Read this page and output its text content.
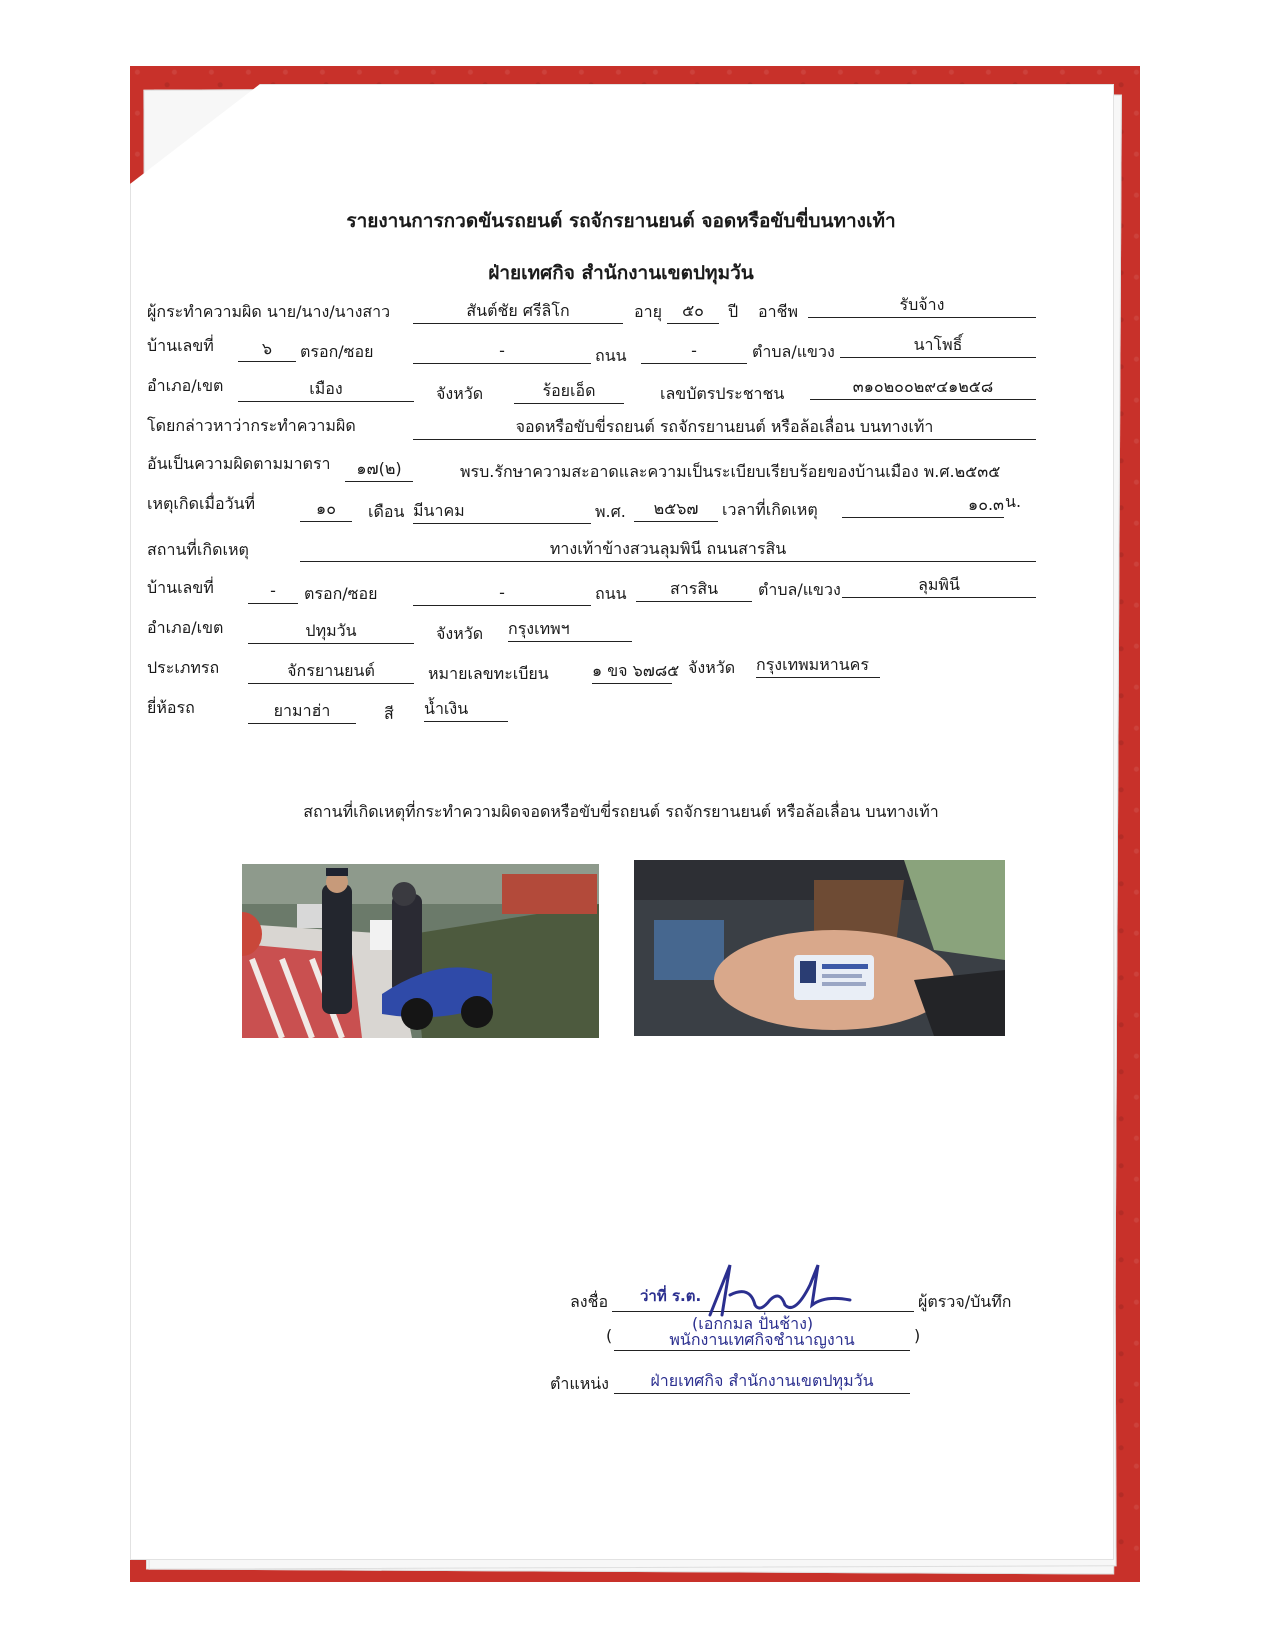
รายงานการกวดขันรถยนต์ รถจักรยานยนต์ จอดหรือขับขี่บนทางเท้า
ฝ่ายเทศกิจ สำนักงานเขตปทุมวัน
ผู้กระทำความผิด นาย/นาง/นางสาว	สันต์ชัย ศรีลิโก	อายุ	๕๐	ปี อาชีพ	รับจ้าง
บ้านเลขที่	๖	ตรอก/ซอย	-	ถนน	-	ตำบล/แขวง	นาโพธิ์
อำเภอ/เขต	เมือง	จังหวัด	ร้อยเอ็ด	เลขบัตรประชาชน	๓๑๐๒๐๐๒๙๔๑๒๕๘
โดยกล่าวหาว่ากระทำความผิด	จอดหรือขับขี่รถยนต์ รถจักรยานยนต์ หรือล้อเลื่อน บนทางเท้า
อันเป็นความผิดตามมาตรา	๑๗(๒)	พรบ.รักษาความสะอาดและความเป็นระเบียบเรียบร้อยของบ้านเมือง พ.ศ.๒๕๓๕
เหตุเกิดเมื่อวันที่	๑๐	เดือน มีนาคม	พ.ศ.	๒๕๖๗	เวลาที่เกิดเหตุ	๑๐.๓ น.
สถานที่เกิดเหตุ	ทางเท้าข้างสวนลุมพินี ถนนสารสิน
บ้านเลขที่	-	ตรอก/ซอย	-	ถนน	สารสิน	ตำบล/แขวง	ลุมพินี
อำเภอ/เขต	ปทุมวัน	จังหวัด กรุงเทพฯ
ประเภทรถ	จักรยานยนต์	หมายเลขทะเบียน	๑ ขจ ๖๗๘๕ จังหวัด กรุงเทพมหานคร
ยี่ห้อรถ	ยามาฮ่า	สี น้ำเงิน
สถานที่เกิดเหตุที่กระทำความผิดจอดหรือขับขี่รถยนต์ รถจักรยานยนต์ หรือล้อเลื่อน บนทางเท้า
ลงชื่อ ว่าที่ ร.ต.	ผู้ตรวจ/บันทึก
(เอกกมล ปั่นช้าง)
(	)
พนักงานเทศกิจชำนาญงาน
ตำแหน่ง	ฝ่ายเทศกิจ สำนักงานเขตปทุมวัน
